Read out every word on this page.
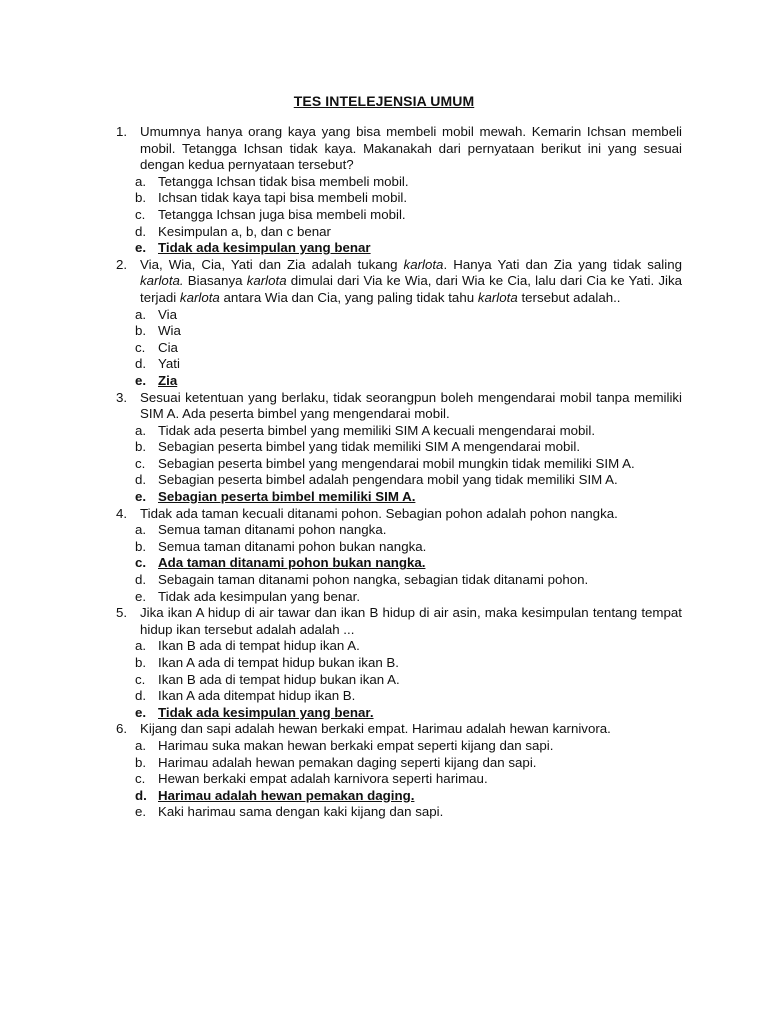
TES INTELEJENSIA UMUM
1. Umumnya hanya orang kaya yang bisa membeli mobil mewah. Kemarin Ichsan membeli mobil. Tetangga Ichsan tidak kaya. Makanakah dari pernyataan berikut ini yang sesuai dengan kedua pernyataan tersebut?
a. Tetangga Ichsan tidak bisa membeli mobil.
b. Ichsan tidak kaya tapi bisa membeli mobil.
c. Tetangga Ichsan juga bisa membeli mobil.
d. Kesimpulan a, b, dan c benar
e. Tidak ada kesimpulan yang benar
2. Via, Wia, Cia, Yati dan Zia adalah tukang karlota. Hanya Yati dan Zia yang tidak saling karlota. Biasanya karlota dimulai dari Via ke Wia, dari Wia ke Cia, lalu dari Cia ke Yati. Jika terjadi karlota antara Wia dan Cia, yang paling tidak tahu karlota tersebut adalah..
a. Via
b. Wia
c. Cia
d. Yati
e. Zia
3. Sesuai ketentuan yang berlaku, tidak seorangpun boleh mengendarai mobil tanpa memiliki SIM A. Ada peserta bimbel yang mengendarai mobil.
a. Tidak ada peserta bimbel yang memiliki SIM A kecuali mengendarai mobil.
b. Sebagian peserta bimbel yang tidak memiliki SIM A mengendarai mobil.
c. Sebagian peserta bimbel yang mengendarai mobil mungkin tidak memiliki SIM A.
d. Sebagian peserta bimbel adalah pengendara mobil yang tidak memiliki SIM A.
e. Sebagian peserta bimbel memiliki SIM A.
4. Tidak ada taman kecuali ditanami pohon. Sebagian pohon adalah pohon nangka.
a. Semua taman ditanami pohon nangka.
b. Semua taman ditanami pohon bukan nangka.
c. Ada taman ditanami pohon bukan nangka.
d. Sebagain taman ditanami pohon nangka, sebagian tidak ditanami pohon.
e. Tidak ada kesimpulan yang benar.
5. Jika ikan A hidup di air tawar dan ikan B hidup di air asin, maka kesimpulan tentang tempat hidup ikan tersebut adalah adalah ...
a. Ikan B ada di tempat hidup ikan A.
b. Ikan A ada di tempat hidup bukan ikan B.
c. Ikan B ada di tempat hidup bukan ikan A.
d. Ikan A ada ditempat hidup ikan B.
e. Tidak ada kesimpulan yang benar.
6. Kijang dan sapi adalah hewan berkaki empat. Harimau adalah hewan karnivora.
a. Harimau suka makan hewan berkaki empat seperti kijang dan sapi.
b. Harimau adalah hewan pemakan daging seperti kijang dan sapi.
c. Hewan berkaki empat adalah karnivora seperti harimau.
d. Harimau adalah hewan pemakan daging.
e. Kaki harimau sama dengan kaki kijang dan sapi.
